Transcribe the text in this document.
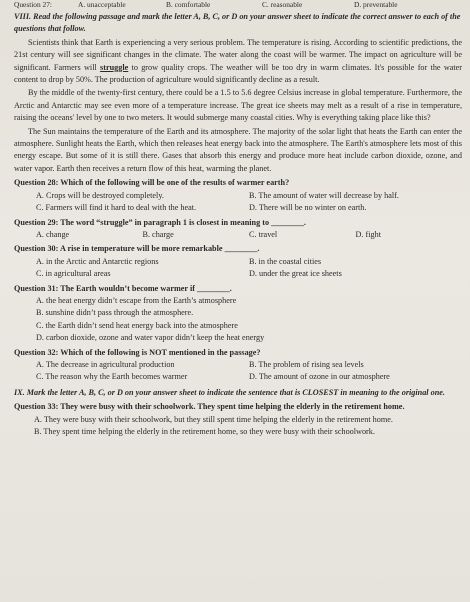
Question 27:	A. unacceptable	B. comfortable	C. reasonable	D. preventable
VIII. Read the following passage and mark the letter A, B, C, or D on your answer sheet to indicate the correct answer to each of the questions that follow.
Scientists think that Earth is experiencing a very serious problem. The temperature is rising. According to scientific predictions, the 21st century will see significant changes in the climate. The water along the coast will be warmer. The impact on agriculture will be significant. Farmers will struggle to grow quality crops. The weather will be too dry in warm climates. It's possible for the water content to drop by 50%. The production of agriculture would significantly decline as a result.
By the middle of the twenty-first century, there could be a 1.5 to 5.6 degree Celsius increase in global temperature. Furthermore, the Arctic and Antarctic may see even more of a temperature increase. The great ice sheets may melt as a result of a rise in temperature, raising the oceans' level by one to two meters. It would submerge many coastal cities. Why is everything taking place like this?
The Sun maintains the temperature of the Earth and its atmosphere. The majority of the solar light that heats the Earth can enter the atmosphere. Sunlight heats the Earth, which then releases heat energy back into the atmosphere. The Earth's atmosphere lets most of this energy escape. But some of it is still there. Gases that absorb this energy and produce more heat include carbon dioxide, ozone, and water vapor. Earth then receives a return flow of this heat, warming the planet.
Question 28: Which of the following will be one of the results of warmer earth?
A. Crops will be destroyed completely.	B. The amount of water will decrease by half.
C. Farmers will find it hard to deal with the heat.	D. There will be no winter on earth.
Question 29: The word “struggle” in paragraph 1 is closest in meaning to ________.
A. change	B. charge	C. travel	D. fight
Question 30: A rise in temperature will be more remarkable ________.
A. in the Arctic and Antarctic regions	B. in the coastal cities
C. in agricultural areas	D. under the great ice sheets
Question 31: The Earth wouldn’t become warmer if ________.
A. the heat energy didn’t escape from the Earth’s atmosphere
B. sunshine didn’t pass through the atmosphere.
C. the Earth didn’t send heat energy back into the atmosphere
D. carbon dioxide, ozone and water vapor didn’t keep the heat energy
Question 32: Which of the following is NOT mentioned in the passage?
A. The decrease in agricultural production	B. The problem of rising sea levels
C. The reason why the Earth becomes warmer	D. The amount of ozone in our atmosphere
IX. Mark the letter A, B, C, or D on your answer sheet to indicate the sentence that is CLOSEST in meaning to the original one.
Question 33: They were busy with their schoolwork. They spent time helping the elderly in the retirement home.
A. They were busy with their schoolwork, but they still spent time helping the elderly in the retirement home.
B. They spent time helping the elderly in the retirement home, so they were busy with their schoolwork.
